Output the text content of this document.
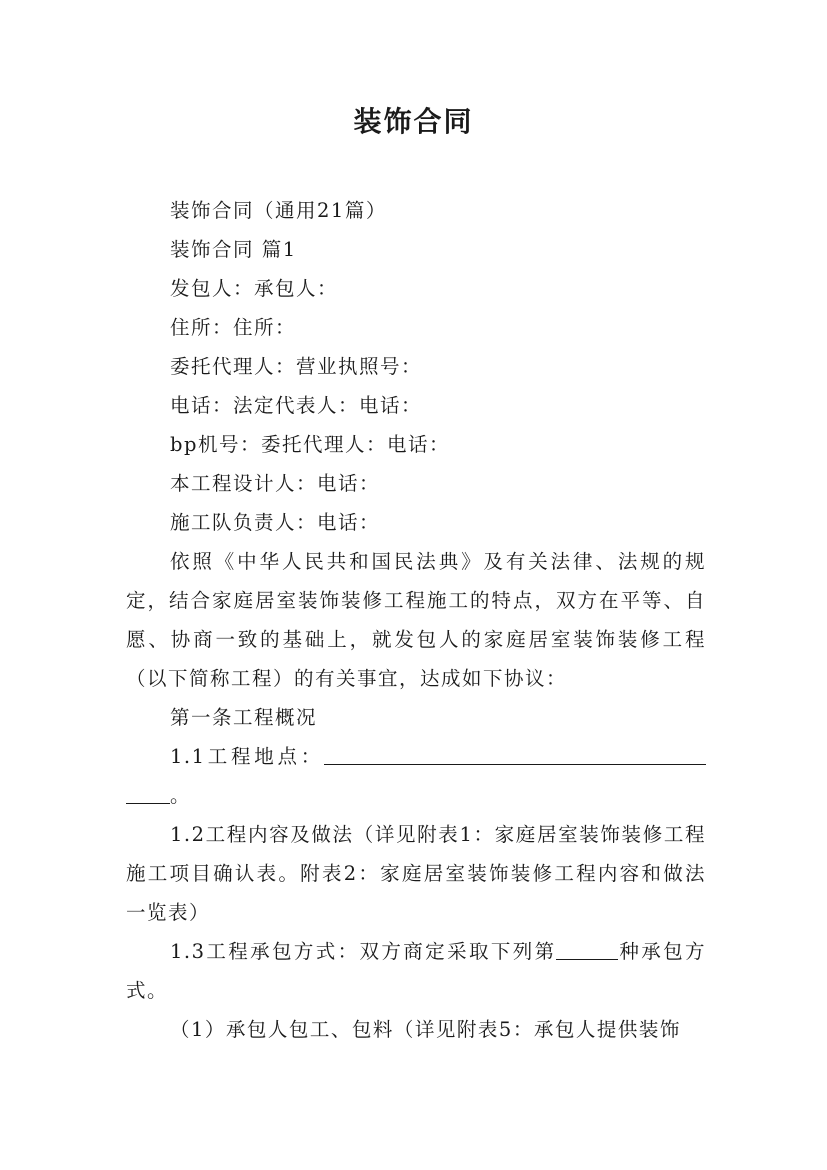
装饰合同

装饰合同（通用21篇）

装饰合同 篇1

发包人：承包人：

住所：住所：

委托代理人：营业执照号：

电话：法定代表人：电话：

bp机号：委托代理人：电话：

本工程设计人：电话：

施工队负责人：电话：

依照《中华人民共和国民法典》及有关法律、法规的规定，结合家庭居室装饰装修工程施工的特点，双方在平等、自愿、协商一致的基础上，就发包人的家庭居室装饰装修工程（以下简称工程）的有关事宜，达成如下协议：

第一条工程概况

1.1工程地点：。

1.2工程内容及做法（详见附表1：家庭居室装饰装修工程施工项目确认表。附表2：家庭居室装饰装修工程内容和做法一览表）

1.3工程承包方式：双方商定采取下列第	种承包方式。

（1）承包人包工、包料（详见附表5：承包人提供装饰
